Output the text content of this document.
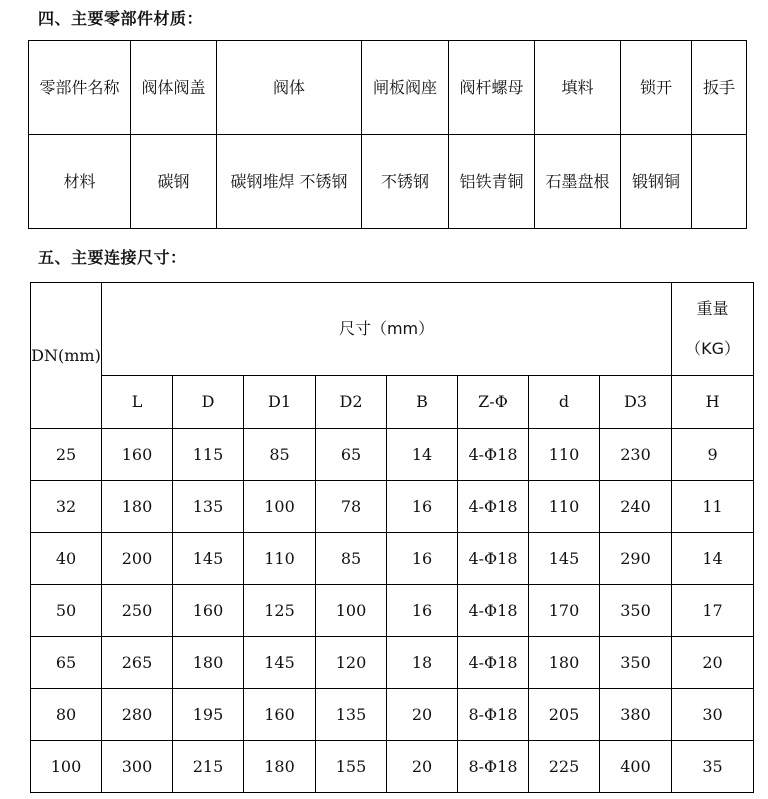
四、主要零部件材质：
零部件名称	阀体阀盖	阀体	闸板阀座	阀杆螺母	填料	锁开	扳手
材料	碳钢	碳钢堆焊 不锈钢	不锈钢	铝铁青铜	石墨盘根	锻钢铜	
五、主要连接尺寸：
DN(mm)	尺寸（mm）								重量（KG）
	L	D	D1	D2	B	Z-Φ	d	D3	H
25	160	115	85	65	14	4-Φ18	110	230	9
32	180	135	100	78	16	4-Φ18	110	240	11
40	200	145	110	85	16	4-Φ18	145	290	14
50	250	160	125	100	16	4-Φ18	170	350	17
65	265	180	145	120	18	4-Φ18	180	350	20
80	280	195	160	135	20	8-Φ18	205	380	30
100	300	215	180	155	20	8-Φ18	225	400	35
